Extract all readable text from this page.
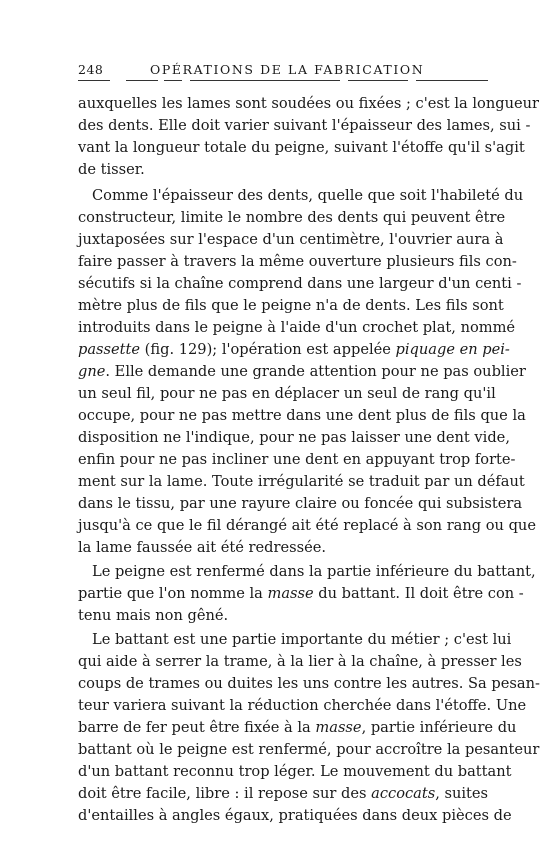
248	OPÉRATIONS DE LA FABRICATION
auxquelles les lames sont soudées ou fixées ; c'est la longueur
des dents. Elle doit varier suivant l'épaisseur des lames, sui -
vant la longueur totale du peigne, suivant l'étoffe qu'il s'agit
de tisser.
Comme l'épaisseur des dents, quelle que soit l'habileté du
constructeur, limite le nombre des dents qui peuvent être
juxtaposées sur l'espace d'un centimètre, l'ouvrier aura à
faire passer à travers la même ouverture plusieurs fils con-
sécutifs si la chaîne comprend dans une largeur d'un centi -
mètre plus de fils que le peigne n'a de dents. Les fils sont
introduits dans le peigne à l'aide d'un crochet plat, nommé
passette (fig. 129); l'opération est appelée piquage en pei-
gne. Elle demande une grande attention pour ne pas oublier
un seul fil, pour ne pas en déplacer un seul de rang qu'il
occupe, pour ne pas mettre dans une dent plus de fils que la
disposition ne l'indique, pour ne pas laisser une dent vide,
enfin pour ne pas incliner une dent en appuyant trop forte-
ment sur la lame. Toute irrégularité se traduit par un défaut
dans le tissu, par une rayure claire ou foncée qui subsistera
jusqu'à ce que le fil dérangé ait été replacé à son rang ou que
la lame faussée ait été redressée.
Le peigne est renfermé dans la partie inférieure du battant,
partie que l'on nomme la masse du battant. Il doit être con -
tenu mais non gêné.
Le battant est une partie importante du métier ; c'est lui
qui aide à serrer la trame, à la lier à la chaîne, à presser les
coups de trames ou duites les uns contre les autres. Sa pesan-
teur variera suivant la réduction cherchée dans l'étoffe. Une
barre de fer peut être fixée à la masse, partie inférieure du
battant où le peigne est renfermé, pour accroître la pesanteur
d'un battant reconnu trop léger. Le mouvement du battant
doit être facile, libre : il repose sur des accocats, suites
d'entailles à angles égaux, pratiquées dans deux pièces de
